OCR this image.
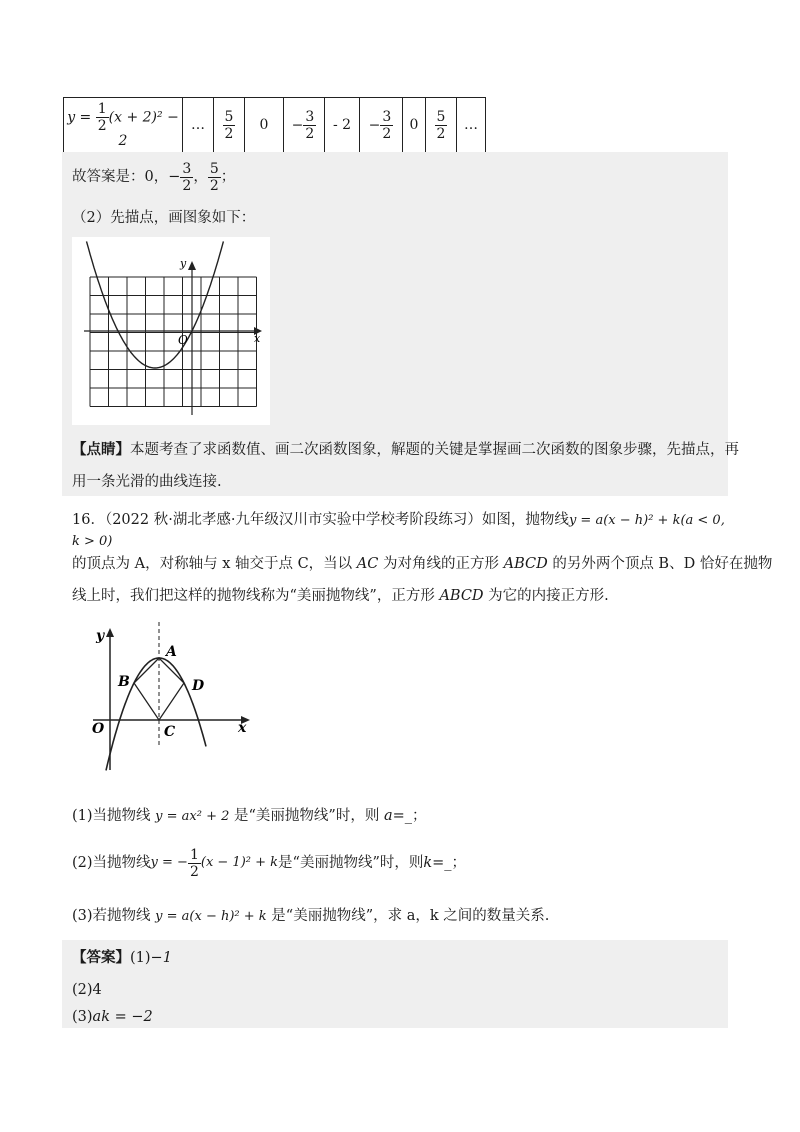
$y = \frac{1}{2} (x + 2)^2 - 2$	…	$\frac{5}{2}$	0	− $\frac{3}{2}$	- 2	− $\frac{3}{2}$	0	$\frac{5}{2}$	…
故答案是：0， − $\frac{3}{2}$ ， $\frac{5}{2}$ ；
（2）先描点，画图象如下：
y
x
O
【点睛】本题考查了求函数值、画二次函数图象，解题的关键是掌握画二次函数的图象步骤，先描点，再
用一条光滑的曲线连接.
16．（2022 秋·湖北孝感·九年级汉川市实验中学校考阶段练习）如图，抛物线y = a(x − h)² + k(a < 0, k > 0)
的顶点为 A，对称轴与 x 轴交于点 C，当以 AC 为对角线的正方形 ABCD 的另外两个顶点 B、D 恰好在抛物
线上时，我们把这样的抛物线称为“美丽抛物线”，正方形 ABCD 为它的内接正方形.
y
x
O
A
B
C
D
(1)当抛物线 y = ax² + 2 是“美丽抛物线”时，则 a=_；
(2)当抛物线 y = − $\frac{1}{2} (x - 1)^2 + k$ 是“美丽抛物线”时，则 k= _ ；
(3)若抛物线 y = a(x − h)² + k 是“美丽抛物线”，求 a，k 之间的数量关系.
【答案】(1)−1
(2)4
(3)ak = −2
